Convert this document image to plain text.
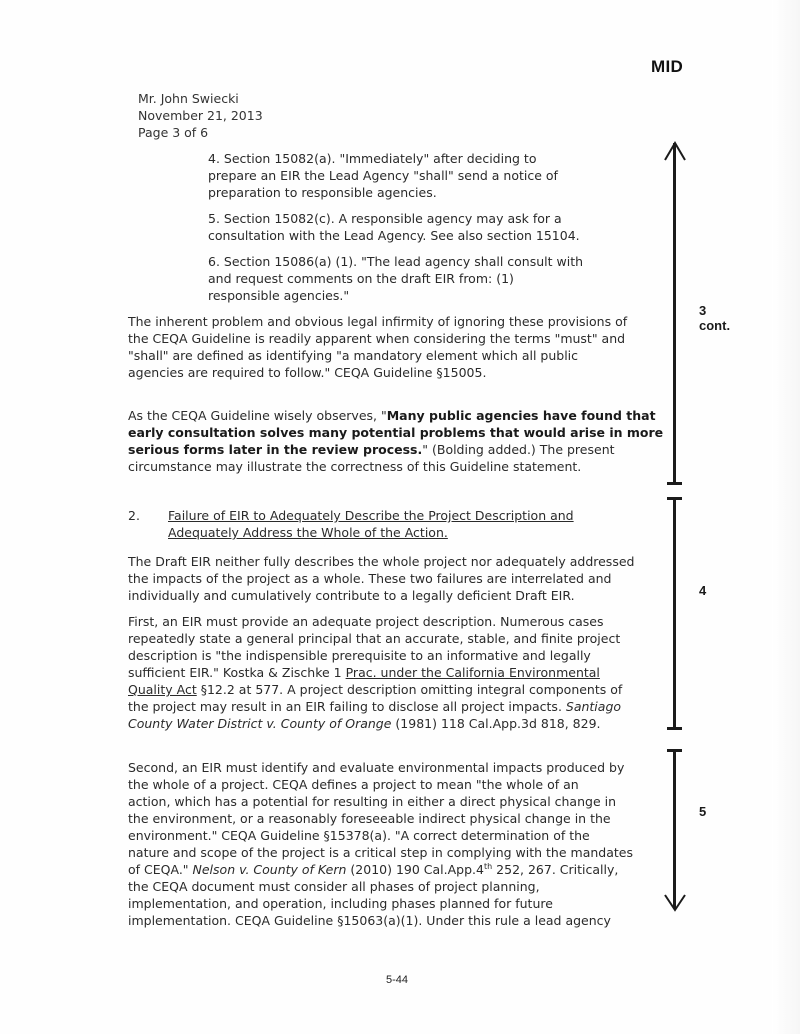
MID
Mr. John Swiecki
November 21, 2013
Page 3 of 6
4. Section 15082(a). "Immediately" after deciding to
prepare an EIR the Lead Agency "shall" send a notice of
preparation to responsible agencies.
5. Section 15082(c). A responsible agency may ask for a
consultation with the Lead Agency. See also section 15104.
6. Section 15086(a) (1). "The lead agency shall consult with
and request comments on the draft EIR from: (1)
responsible agencies."
The inherent problem and obvious legal infirmity of ignoring these provisions of
the CEQA Guideline is readily apparent when considering the terms "must" and
"shall" are defined as identifying "a mandatory element which all public
agencies are required to follow." CEQA Guideline §15005.
As the CEQA Guideline wisely observes, "Many public agencies have found that
early consultation solves many potential problems that would arise in more
serious forms later in the review process." (Bolding added.) The present
circumstance may illustrate the correctness of this Guideline statement.
2. Failure of EIR to Adequately Describe the Project Description and
Adequately Address the Whole of the Action.
The Draft EIR neither fully describes the whole project nor adequately addressed
the impacts of the project as a whole. These two failures are interrelated and
individually and cumulatively contribute to a legally deficient Draft EIR.
First, an EIR must provide an adequate project description. Numerous cases
repeatedly state a general principal that an accurate, stable, and finite project
description is "the indispensible prerequisite to an informative and legally
sufficient EIR." Kostka & Zischke 1 Prac. under the California Environmental
Quality Act §12.2 at 577. A project description omitting integral components of
the project may result in an EIR failing to disclose all project impacts. Santiago
County Water District v. County of Orange (1981) 118 Cal.App.3d 818, 829.
Second, an EIR must identify and evaluate environmental impacts produced by
the whole of a project. CEQA defines a project to mean "the whole of an
action, which has a potential for resulting in either a direct physical change in
the environment, or a reasonably foreseeable indirect physical change in the
environment." CEQA Guideline §15378(a). "A correct determination of the
nature and scope of the project is a critical step in complying with the mandates
of CEQA." Nelson v. County of Kern (2010) 190 Cal.App.4th 252, 267. Critically,
the CEQA document must consider all phases of project planning,
implementation, and operation, including phases planned for future
implementation. CEQA Guideline §15063(a)(1). Under this rule a lead agency
3
cont.
4
5
5-44
